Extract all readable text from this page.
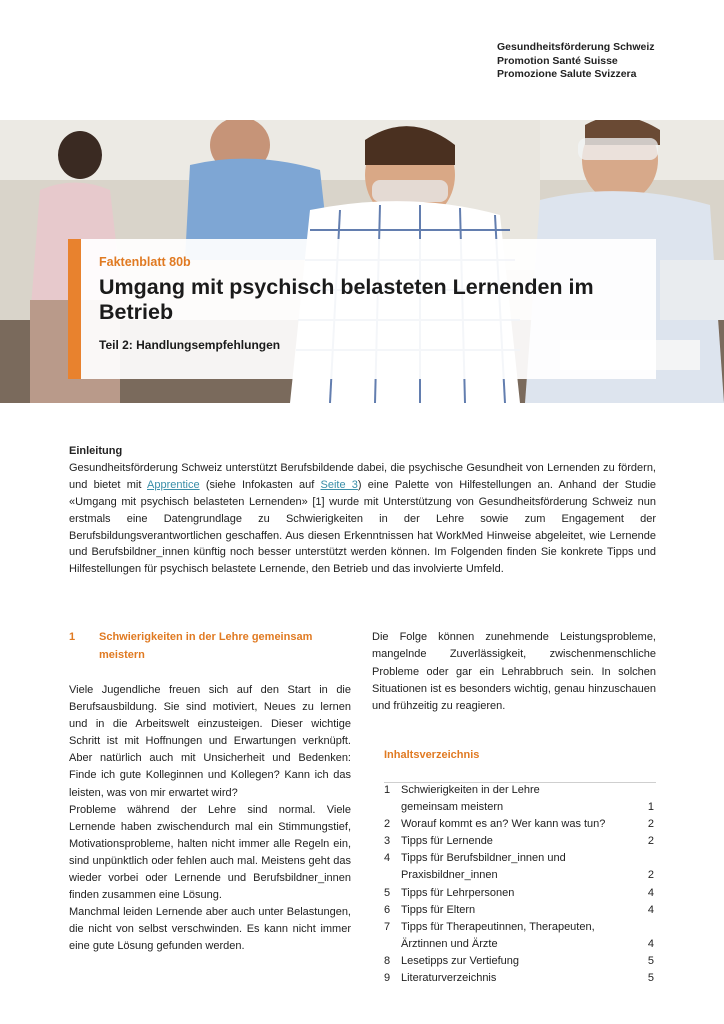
Gesundheitsförderung Schweiz
Promotion Santé Suisse
Promozione Salute Svizzera
Faktenblatt 80b
Umgang mit psychisch belasteten Lernenden im Betrieb
Teil 2: Handlungsempfehlungen
Einleitung

Gesundheitsförderung Schweiz unterstützt Berufsbildende dabei, die psychische Gesundheit von Lernenden zu fördern, und bietet mit Apprentice (siehe Infokasten auf Seite 3) eine Palette von Hilfestellungen an. Anhand der Studie «Umgang mit psychisch belasteten Lernenden» [1] wurde mit Unterstützung von Gesundheitsförderung Schweiz nun erstmals eine Datengrundlage zu Schwierigkeiten in der Lehre sowie zum Engagement der Berufsbildungsverantwortlichen geschaffen. Aus diesen Erkenntnissen hat WorkMed Hinweise abgeleitet, wie Lernende und Berufsbildner_innen künftig noch besser unterstützt werden können. Im Folgenden finden Sie konkrete Tipps und Hilfestellungen für psychisch belastete Lernende, den Betrieb und das involvierte Umfeld.

1 Schwierigkeiten in der Lehre gemeinsam meistern

Viele Jugendliche freuen sich auf den Start in die Berufsausbildung. Sie sind motiviert, Neues zu lernen und in die Arbeitswelt einzusteigen. Dieser wichtige Schritt ist mit Hoffnungen und Erwartungen verknüpft. Aber natürlich auch mit Unsicherheit und Bedenken: Finde ich gute Kolleginnen und Kollegen? Kann ich das leisten, was von mir erwartet wird?

Probleme während der Lehre sind normal. Viele Lernende haben zwischendurch mal ein Stimmungstief, Motivationsprobleme, halten nicht immer alle Regeln ein, sind unpünktlich oder fehlen auch mal. Meistens geht das wieder vorbei oder Lernende und Berufsbildner_innen finden zusammen eine Lösung.

Manchmal leiden Lernende aber auch unter Belastungen, die nicht von selbst verschwinden. Es kann nicht immer eine gute Lösung gefunden werden.

Die Folge können zunehmende Leistungsprobleme, mangelnde Zuverlässigkeit, zwischenmenschliche Probleme oder gar ein Lehrabbruch sein. In solchen Situationen ist es besonders wichtig, genau hinzuschauen und frühzeitig zu reagieren.

Inhaltsverzeichnis
1 Schwierigkeiten in der Lehre
gemeinsam meistern	1
2 Worauf kommt es an? Wer kann was tun?	2
3 Tipps für Lernende	2
4 Tipps für Berufsbildner_innen und
Praxisbildner_innen	2
5 Tipps für Lehrpersonen	4
6 Tipps für Eltern	4
7 Tipps für Therapeutinnen, Therapeuten,
Ärztinnen und Ärzte	4
8 Lesetipps zur Vertiefung	5
9 Literaturverzeichnis	5
